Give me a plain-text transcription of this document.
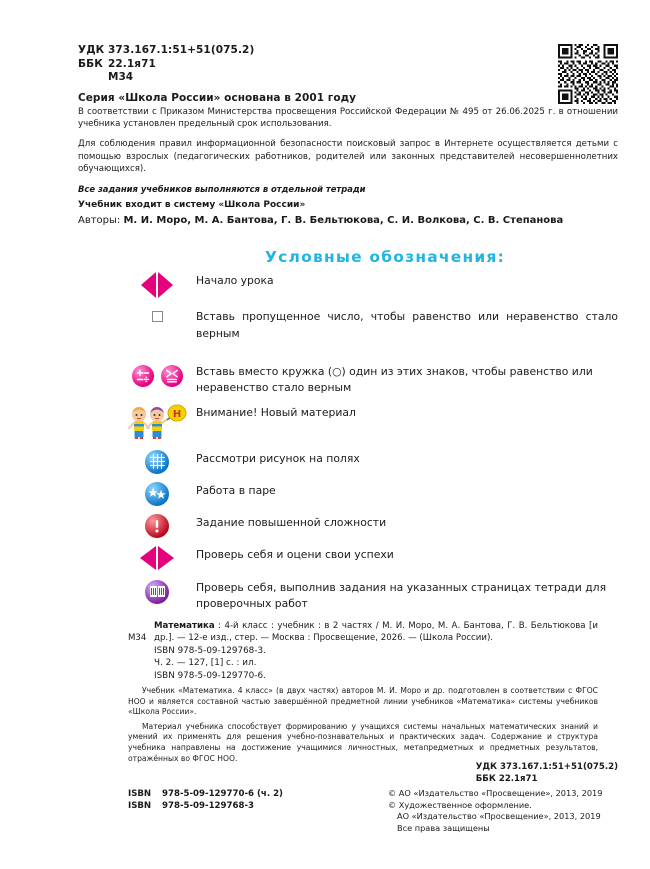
УДК 373.167.1:51+51(075.2)
ББК 22.1я71
М34
Серия «Школа России» основана в 2001 году
В соответствии с Приказом Министерства просвещения Российской Федерации № 495 от 26.06.2025 г. в отношении учебника установлен предельный срок использования.
Для соблюдения правил информационной безопасности поисковый запрос в Интернете осуществляется детьми с помощью взрослых (педагогических работников, родителей или законных представителей несовершеннолетних обучающихся).
Все задания учебников выполняются в отдельной тетради
Учебник входит в систему «Школа России»
Авторы: М. И. Моро, М. А. Бантова, Г. В. Бельтюкова, С. И. Волкова, С. В. Степанова
Условные обозначения:
Начало урока
Вставь пропущенное число, чтобы равенство или неравенство стало верным
Вставь вместо кружка (○) один из этих знаков, чтобы равенство или неравенство стало верным
Н Внимание! Новый материал
Рассмотри рисунок на полях
Работа в паре
Задание повышенной сложности
?	? Проверь себя и оцени свои успехи
Проверь себя, выполнив задания на указанных страницах тетради для проверочных работ
М34
Математика : 4-й класс : учебник : в 2 частях / М. И. Моро, М. А. Бантова, Г. В. Бельтюкова [и др.]. — 12-е изд., стер. — Москва : Просвещение, 2026. — (Школа России).
ISBN 978-5-09-129768-3.
Ч. 2. — 127, [1] с. : ил.
ISBN 978-5-09-129770-6.
Учебник «Математика. 4 класс» (в двух частях) авторов М. И. Моро и др. подготовлен в соответствии с ФГОС НОО и является составной частью завершённой предметной линии учебников «Математика» системы учебников «Школа России».
Материал учебника способствует формированию у учащихся системы начальных математических знаний и умений их применять для решения учебно-познавательных и практических задач. Содержание и структура учебника направлены на достижение учащимися личностных, метапредметных и предметных результатов, отражённых во ФГОС НОО.
УДК 373.167.1:51+51(075.2)
ББК 22.1я71
ISBN	978-5-09-129770-6 (ч. 2)
ISBN	978-5-09-129768-3
© АО «Издательство «Просвещение», 2013, 2019
© Художественное оформление.
АО «Издательство «Просвещение», 2013, 2019
Все права защищены
